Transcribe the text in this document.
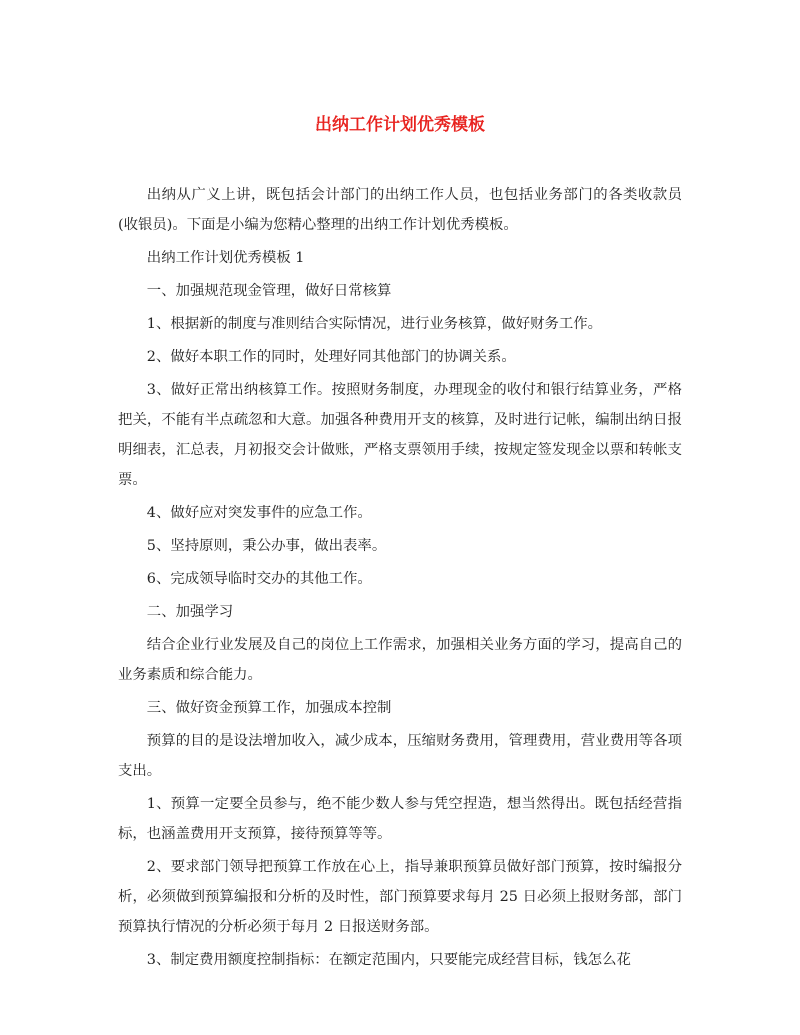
出纳工作计划优秀模板

出纳从广义上讲，既包括会计部门的出纳工作人员，也包括业务部门的各类收款员(收银员)。下面是小编为您精心整理的出纳工作计划优秀模板。

出纳工作计划优秀模板 1

一、加强规范现金管理，做好日常核算

1、根据新的制度与准则结合实际情况，进行业务核算，做好财务工作。

2、做好本职工作的同时，处理好同其他部门的协调关系。

3、做好正常出纳核算工作。按照财务制度，办理现金的收付和银行结算业务，严格把关，不能有半点疏忽和大意。加强各种费用开支的核算，及时进行记帐，编制出纳日报明细表，汇总表，月初报交会计做账，严格支票领用手续，按规定签发现金以票和转帐支票。

4、做好应对突发事件的应急工作。

5、坚持原则，秉公办事，做出表率。

6、完成领导临时交办的其他工作。

二、加强学习

结合企业行业发展及自己的岗位上工作需求，加强相关业务方面的学习，提高自己的业务素质和综合能力。

三、做好资金预算工作，加强成本控制

预算的目的是设法增加收入，减少成本，压缩财务费用，管理费用，营业费用等各项支出。

1、预算一定要全员参与，绝不能少数人参与凭空捏造，想当然得出。既包括经营指标，也涵盖费用开支预算，接待预算等等。

2、要求部门领导把预算工作放在心上，指导兼职预算员做好部门预算，按时编报分析，必须做到预算编报和分析的及时性，部门预算要求每月 25 日必须上报财务部，部门预算执行情况的分析必须于每月 2 日报送财务部。

3、制定费用额度控制指标：在额定范围内，只要能完成经营目标，钱怎么花
